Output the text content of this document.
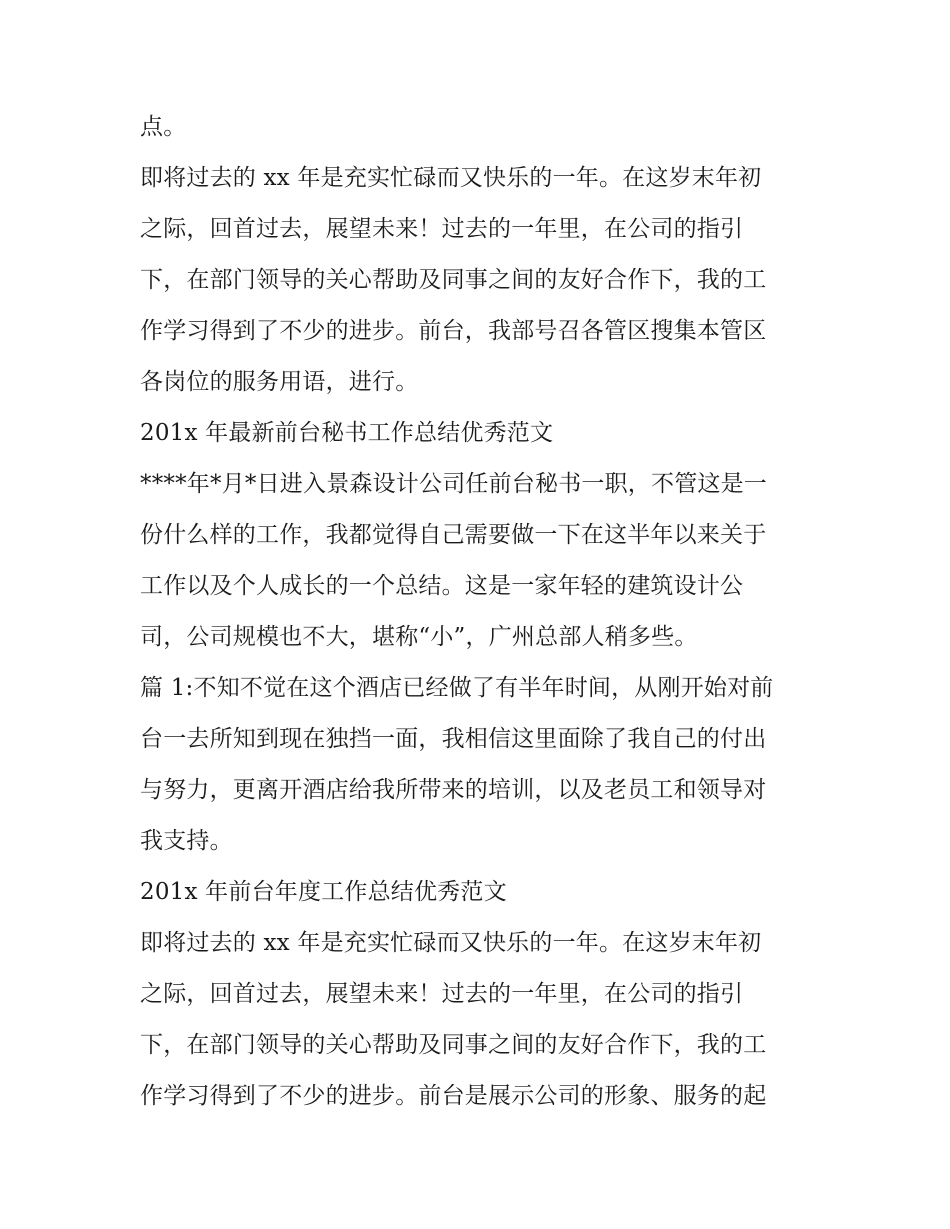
点。
即将过去的 xx 年是充实忙碌而又快乐的一年。在这岁末年初
之际，回首过去，展望未来！过去的一年里，在公司的指引
下，在部门领导的关心帮助及同事之间的友好合作下，我的工
作学习得到了不少的进步。前台，我部号召各管区搜集本管区
各岗位的服务用语，进行。
201x 年最新前台秘书工作总结优秀范文
****年*月*日进入景森设计公司任前台秘书一职，不管这是一
份什么样的工作，我都觉得自己需要做一下在这半年以来关于
工作以及个人成长的一个总结。这是一家年轻的建筑设计公
司，公司规模也不大，堪称“小”，广州总部人稍多些。
篇 1:不知不觉在这个酒店已经做了有半年时间，从刚开始对前
台一去所知到现在独挡一面，我相信这里面除了我自己的付出
与努力，更离开酒店给我所带来的培训，以及老员工和领导对
我支持。
201x 年前台年度工作总结优秀范文
即将过去的 xx 年是充实忙碌而又快乐的一年。在这岁末年初
之际，回首过去，展望未来！过去的一年里，在公司的指引
下，在部门领导的关心帮助及同事之间的友好合作下，我的工
作学习得到了不少的进步。前台是展示公司的形象、服务的起
